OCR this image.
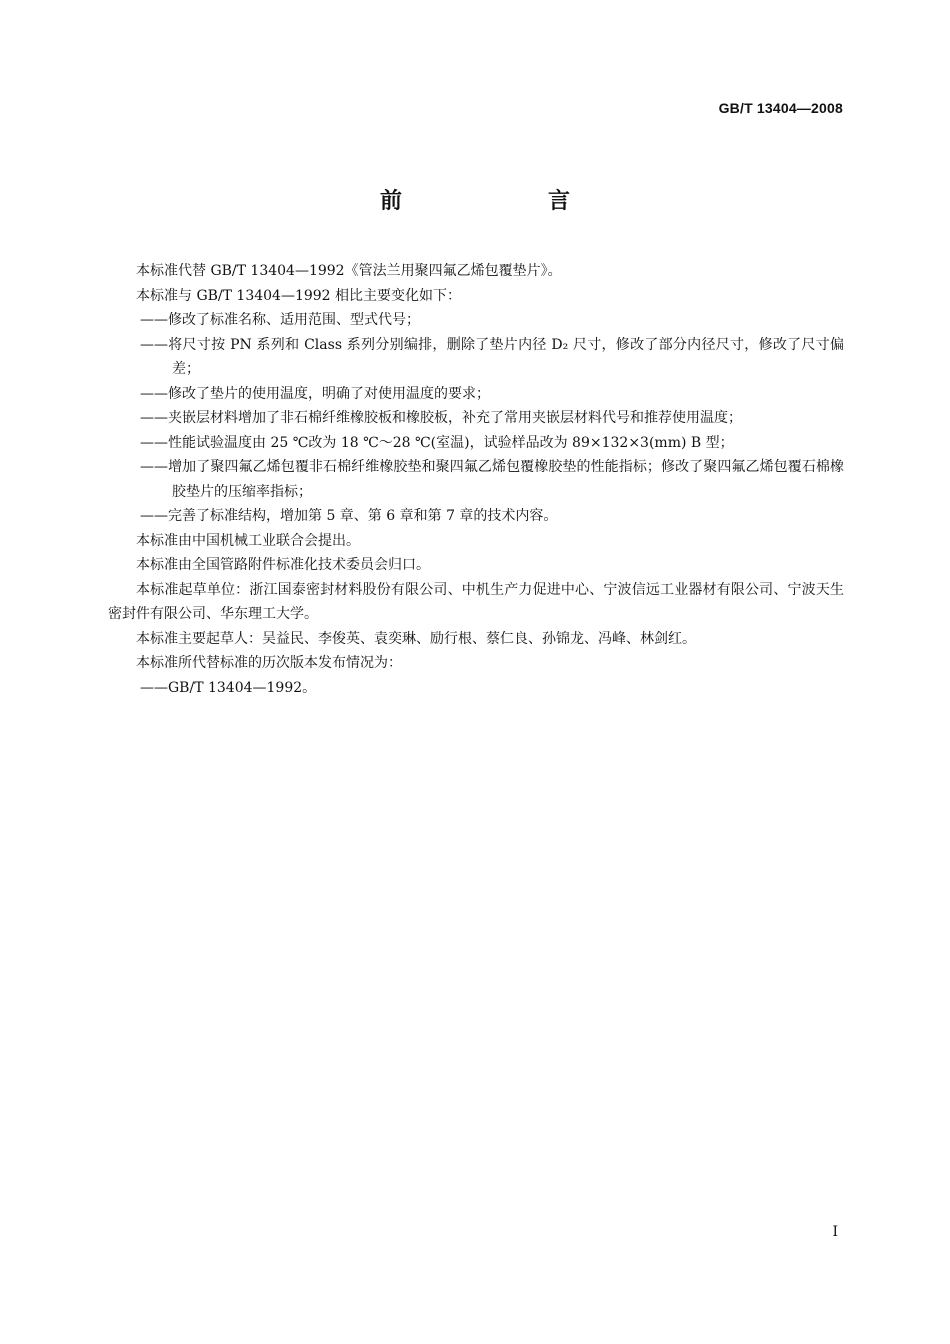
GB/T 13404—2008
前　言

本标准代替 GB/T 13404—1992《管法兰用聚四氟乙烯包覆垫片》。

本标准与 GB/T 13404—1992 相比主要变化如下：

——修改了标准名称、适用范围、型式代号；

——将尺寸按 PN 系列和 Class 系列分别编排，删除了垫片内径 D₂ 尺寸，修改了部分内径尺寸，修改了尺寸偏差；

——修改了垫片的使用温度，明确了对使用温度的要求；

——夹嵌层材料增加了非石棉纤维橡胶板和橡胶板，补充了常用夹嵌层材料代号和推荐使用温度；

——性能试验温度由 25 ℃改为 18 ℃～28 ℃(室温)，试验样品改为 89×132×3(mm) B 型；

——增加了聚四氟乙烯包覆非石棉纤维橡胶垫和聚四氟乙烯包覆橡胶垫的性能指标；修改了聚四氟乙烯包覆石棉橡胶垫片的压缩率指标；

——完善了标准结构，增加第 5 章、第 6 章和第 7 章的技术内容。

本标准由中国机械工业联合会提出。

本标准由全国管路附件标准化技术委员会归口。

本标准起草单位：浙江国泰密封材料股份有限公司、中机生产力促进中心、宁波信远工业器材有限公司、宁波天生密封件有限公司、华东理工大学。

本标准主要起草人：吴益民、李俊英、袁奕琳、励行根、蔡仁良、孙锦龙、冯峰、林剑红。

本标准所代替标准的历次版本发布情况为：

——GB/T 13404—1992。

I
